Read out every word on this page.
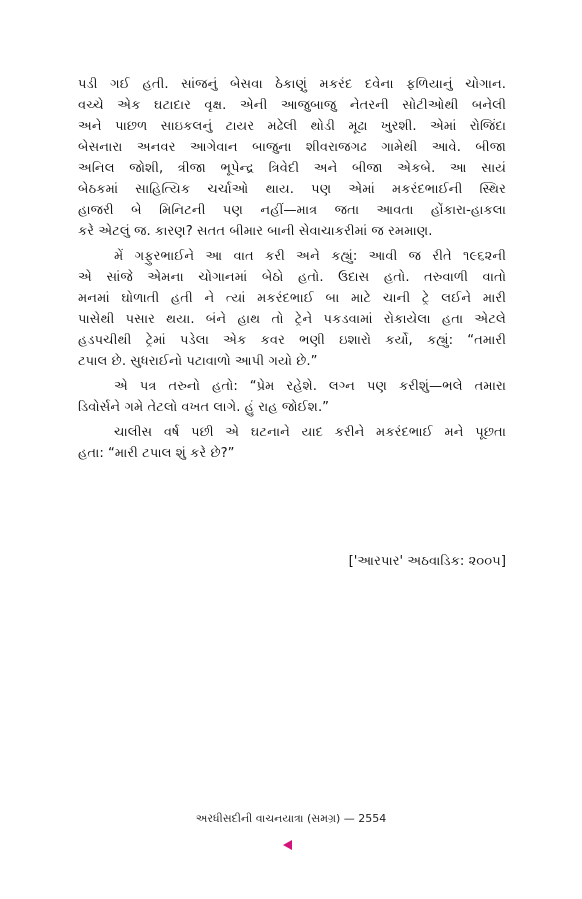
પડી ગઈ હતી. સાંજનું બેસવા ઠેકાણું મકરંદ દવેના ફળિયાનું ચોગાન.
વચ્ચે એક ઘટાદાર વૃક્ષ. એની આજુબાજુ નેતરની સોટીઓથી બનેલી
અને પાછળ સાઇકલનું ટાયર મઢેલી થોડી મૂઢા ખુરશી. એમાં રોજિંદા
બેસનારા અનવર આગેવાન બાજુના શીવરાજગઢ ગામેથી આવે. બીજા
અનિલ જોશી, ત્રીજા ભૂપેન્દ્ર ત્રિવેદી અને બીજા એકબે. આ સાયં
બેઠકમાં સાહિત્યિક ચર્ચાઓ થાય. પણ એમાં મકરંદભાઈની સ્થિર
હાજરી બે મિનિટની પણ નહીં—માત્ર જતા આવતા હોંકારા-હાકલા
કરે એટલું જ. કારણ? સતત બીમાર બાની સેવાચાકરીમાં જ રમમાણ.
મેં ગફુરભાઈને આ વાત કરી અને કહ્યું: આવી જ રીતે ૧૯૬૨ની
એ સાંજે એમના ચોગાનમાં બેઠો હતો. ઉદાસ હતો. તરુવાળી વાતો
મનમાં ઘોળાતી હતી ને ત્યાં મકરંદભાઈ બા માટે ચાની ટ્રે લઈને મારી
પાસેથી પસાર થયા. બંને હાથ તો ટ્રેને પકડવામાં રોકાયેલા હતા એટલે
હડપચીથી ટ્રેમાં પડેલા એક કવર ભણી ઇશારો કર્યો, કહ્યું: “તમારી
ટપાલ છે. સુધરાઈનો પટાવાળો આપી ગયો છે.”
એ પત્ર તરુનો હતો: “પ્રેમ રહેશે. લગ્ન પણ કરીશું—ભલે તમારા
ડિવોર્સને ગમે તેટલો વખત લાગે. હું રાહ જોઈશ.”
ચાલીસ વર્ષ પછી એ ઘટનાને યાદ કરીને મકરંદભાઈ મને પૂછતા
હતા: “મારી ટપાલ શું કરે છે?”
['આરપાર' અઠવાડિક: ૨૦૦૫]
અરધીસદીની વાચનયાત્રા (સમગ્ર) — 2554
